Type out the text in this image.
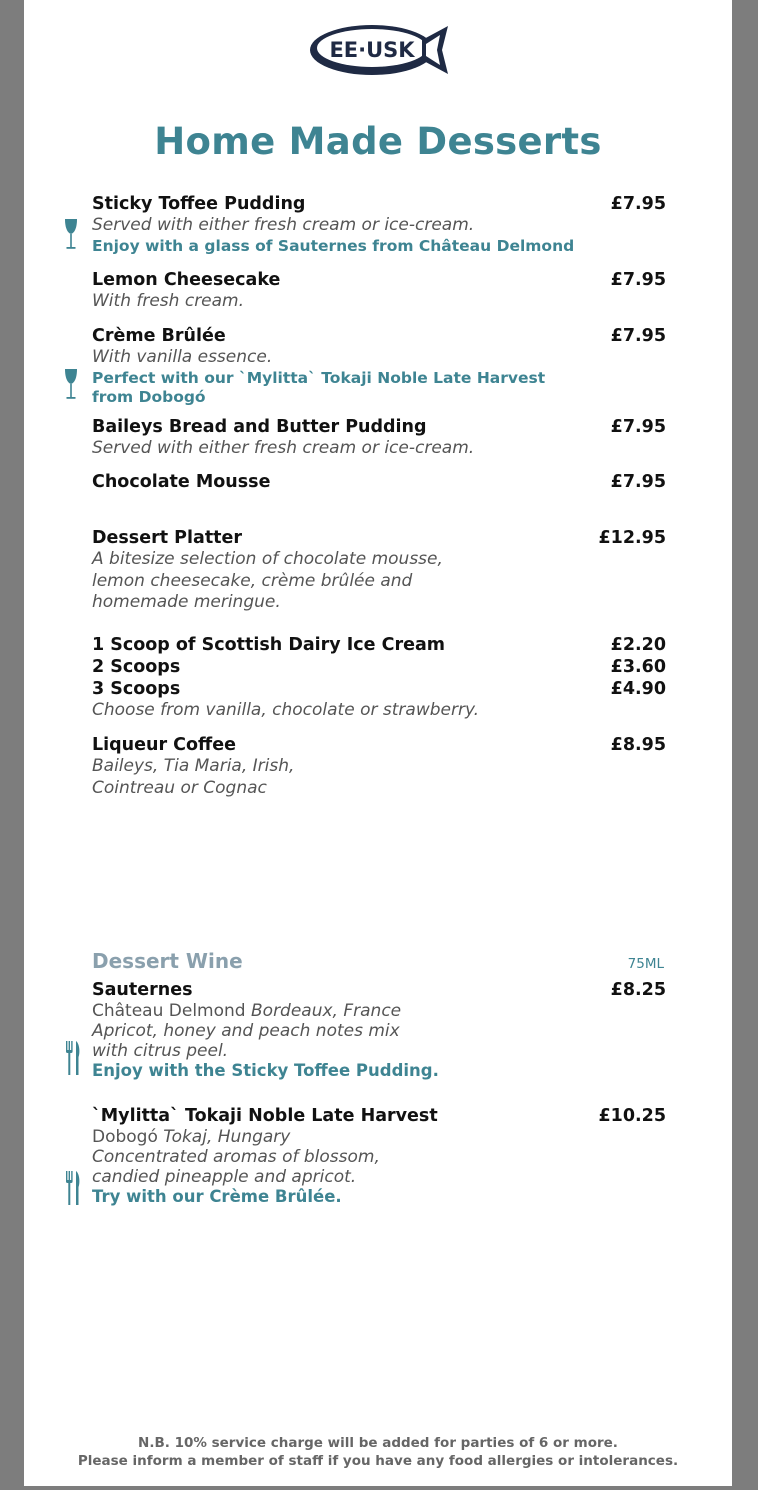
EE·USK
Home Made Desserts
Sticky Toffee Pudding	£7.95
Served with either fresh cream or ice-cream.
Enjoy with a glass of Sauternes from Château Delmond
Lemon Cheesecake	£7.95
With fresh cream.
Crème Brûlée	£7.95
With vanilla essence.
Perfect with our `Mylitta` Tokaji Noble Late Harvest
from Dobogó
Baileys Bread and Butter Pudding	£7.95
Served with either fresh cream or ice-cream.
Chocolate Mousse	£7.95
Dessert Platter	£12.95
A bitesize selection of chocolate mousse,
lemon cheesecake, crème brûlée and
homemade meringue.
1 Scoop of Scottish Dairy Ice Cream	£2.20
2 Scoops	£3.60
3 Scoops	£4.90
Choose from vanilla, chocolate or strawberry.
Liqueur Coffee	£8.95
Baileys, Tia Maria, Irish,
Cointreau or Cognac
Dessert Wine	75ML
Sauternes	£8.25
Château Delmond Bordeaux, France
Apricot, honey and peach notes mix
with citrus peel.
Enjoy with the Sticky Toffee Pudding.
`Mylitta` Tokaji Noble Late Harvest	£10.25
Dobogó Tokaj, Hungary
Concentrated aromas of blossom,
candied pineapple and apricot.
Try with our Crème Brûlée.
N.B. 10% service charge will be added for parties of 6 or more.
Please inform a member of staff if you have any food allergies or intolerances.
